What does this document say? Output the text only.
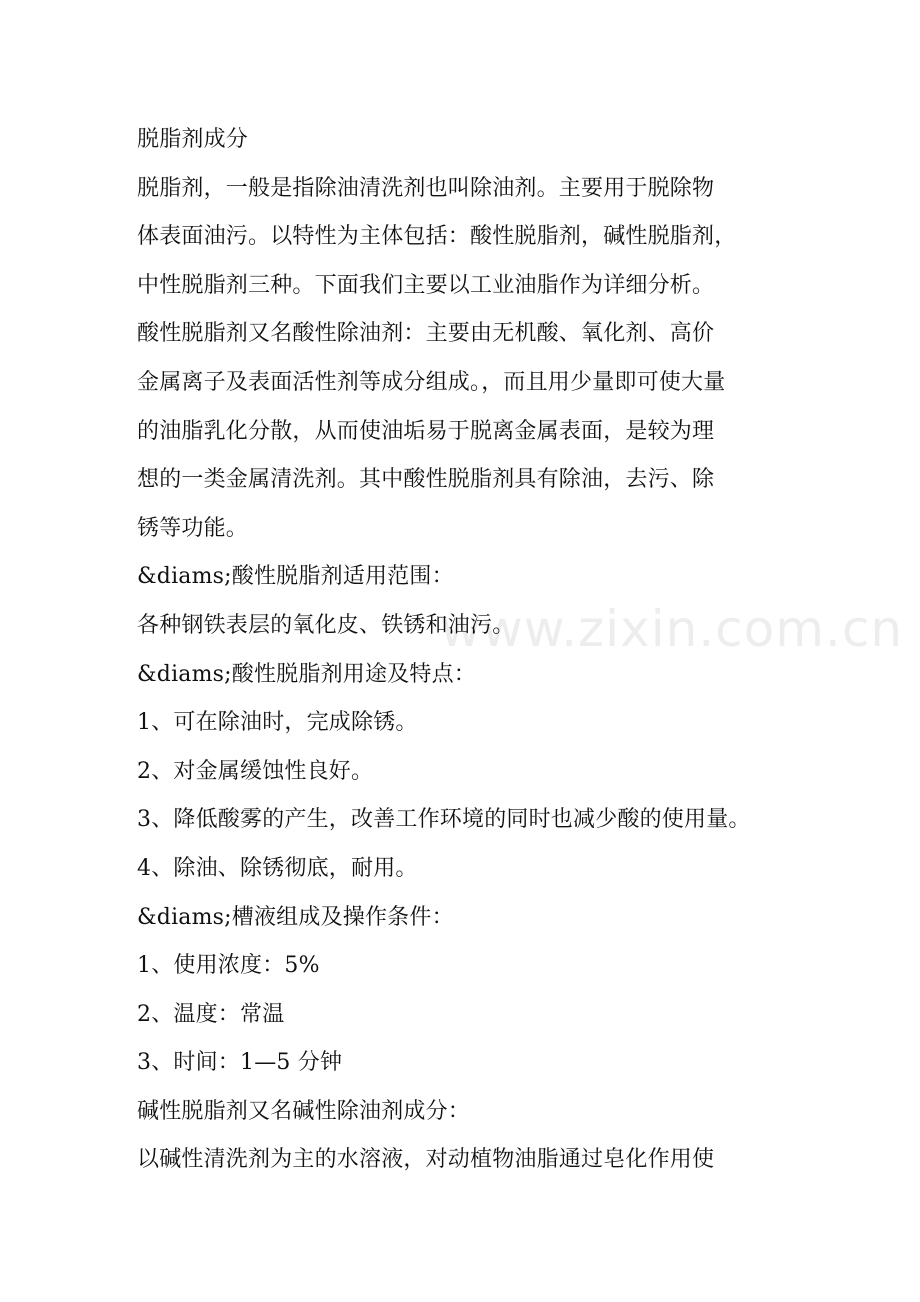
脱脂剂成分
脱脂剂，一般是指除油清洗剂也叫除油剂。主要用于脱除物
体表面油污。以特性为主体包括：酸性脱脂剂，碱性脱脂剂，
中性脱脂剂三种。下面我们主要以工业油脂作为详细分析。
酸性脱脂剂又名酸性除油剂：主要由无机酸、氧化剂、高价
金属离子及表面活性剂等成分组成。，而且用少量即可使大量
的油脂乳化分散，从而使油垢易于脱离金属表面，是较为理
想的一类金属清洗剂。其中酸性脱脂剂具有除油，去污、除
锈等功能。
&diams;酸性脱脂剂适用范围：
各种钢铁表层的氧化皮、铁锈和油污。
&diams;酸性脱脂剂用途及特点：
1、可在除油时，完成除锈。
2、对金属缓蚀性良好。
3、降低酸雾的产生，改善工作环境的同时也减少酸的使用量。
4、除油、除锈彻底，耐用。
&diams;槽液组成及操作条件：
1、使用浓度：5%
2、温度：常温
3、时间：1—5 分钟
碱性脱脂剂又名碱性除油剂成分：
以碱性清洗剂为主的水溶液，对动植物油脂通过皂化作用使
www.zixin.com.cn
